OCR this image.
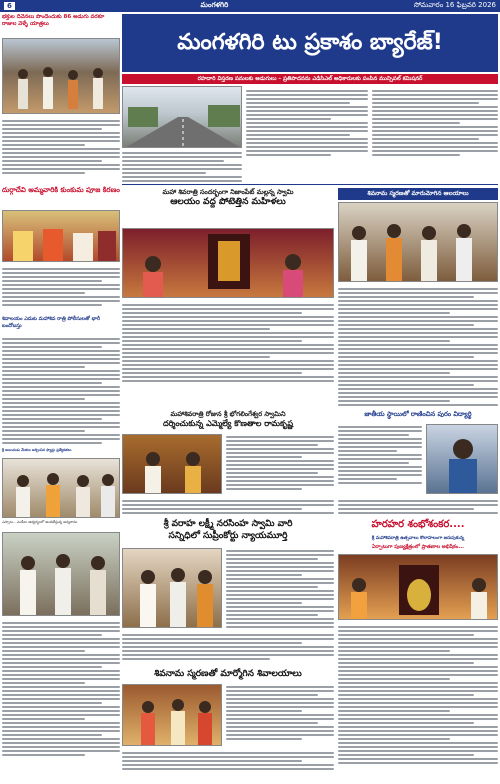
6	మంగళగిరి	సోమవారం 16 ఫిబ్రవరి 2026
భక్తుల దీవెనలు పొందేందుకు 86 అడుగు వరకూ రాజుల వెళ్ళే యాత్రలు
దుర్గాదేవి అమ్మవారికి కుంకుమ పూజ కిరణం
శివాలయం ఎదుట మహాశివ రాత్రి పోలీసులతో భారీ బందోబస్తు
శ్రీ అయిదుడు మేళలు అర్చించిన ఫ్యాన్లు ప్రత్యేకతలు
ఎస్సాలు - ఎండీలు ఆధ్వర్యంలో అందజేస్తున్న అన్నదానం
మంగళగిరి టు ప్రకాశం బ్యారేజ్!
రహదారి విస్తరణ పనులకు అడుగులు – ప్రతిపాదనను ఎడిసిఎల్ అధికారులకు పంపిన మున్సిపల్ కమిషనర్
మహా శివరాత్రి సందర్భంగా నిజాంపేట్ మల్లన్న స్వామి
ఆలయం వద్ద పోటెత్తిన మహిళలు
మహాశివరాత్రి రోజున శ్రీ భోగలింగేశ్వర స్వామిని
దర్శించుకున్న ఎమ్మెల్యే కొణతాల రామకృష్ణ
శ్రీ వరాహ లక్ష్మీ నరసింహ స్వామి వారి
సన్నిధిలో సుప్రీంకోర్టు న్యాయమూర్తి
శివనామ స్మరణతో మార్మోగిన శివాలయాలు
శివనామ స్మరణతో మారుమోగిన ఆలయాలు
జాతీయ స్థాయిలో రాణించిన పురం విద్యార్థి
హరహర శంభోశంకర....
శ్రీ మహాశివరాత్రి ఉత్సవాలు కొలాహలంగా జరుపుకున్న
ఏర్పాటుగా పుణ్యక్షేత్రంలో ప్రాతఃకాల అభిషేకం...
